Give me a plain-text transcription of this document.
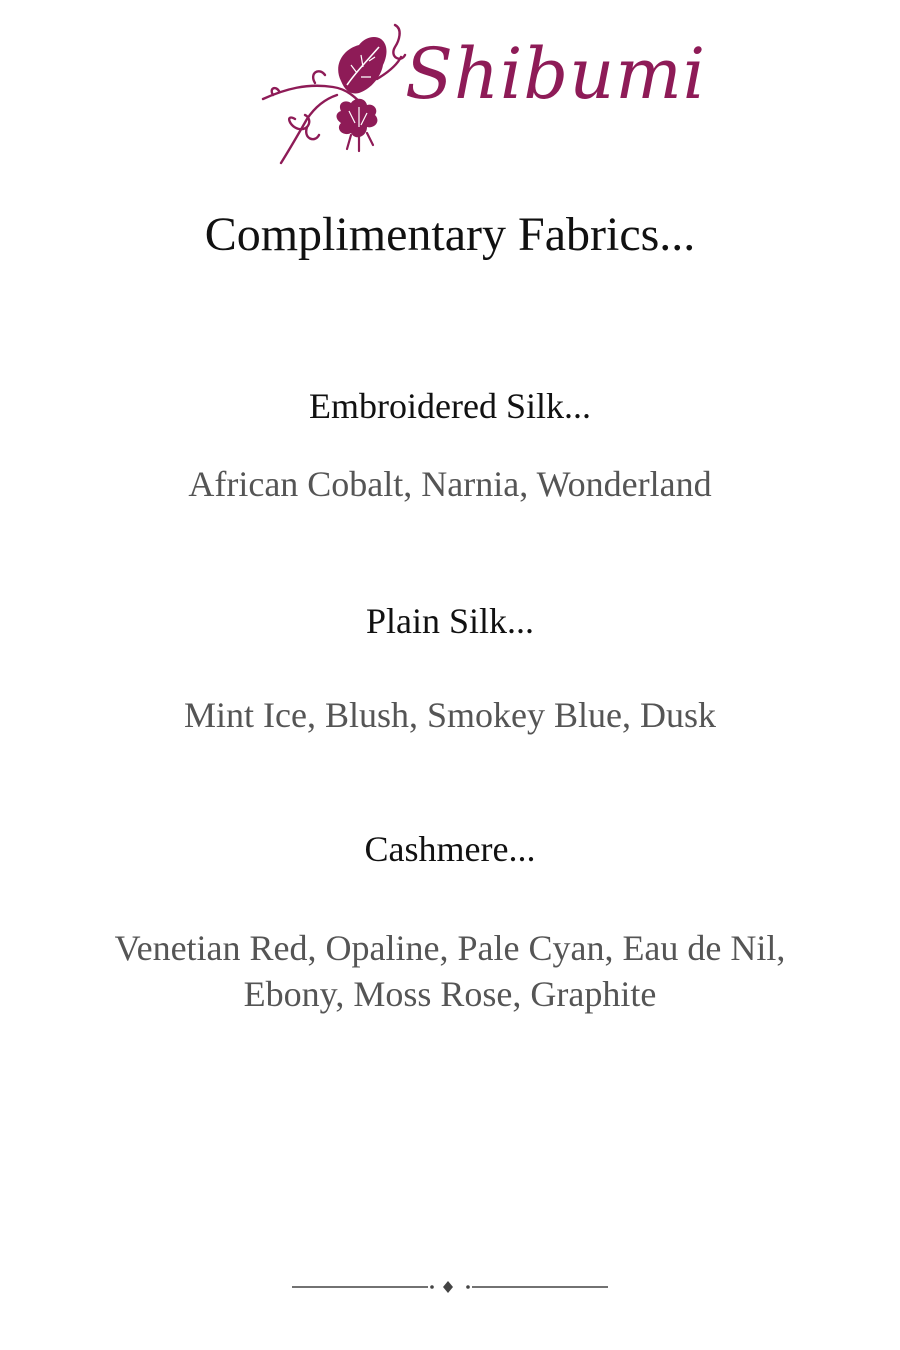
Shibumi
Complimentary Fabrics...
Embroidered Silk...

African Cobalt, Narnia, Wonderland

Plain Silk...

Mint Ice, Blush, Smokey Blue, Dusk

Cashmere...

Venetian Red, Opaline, Pale Cyan, Eau de Nil,
Ebony, Moss Rose, Graphite
